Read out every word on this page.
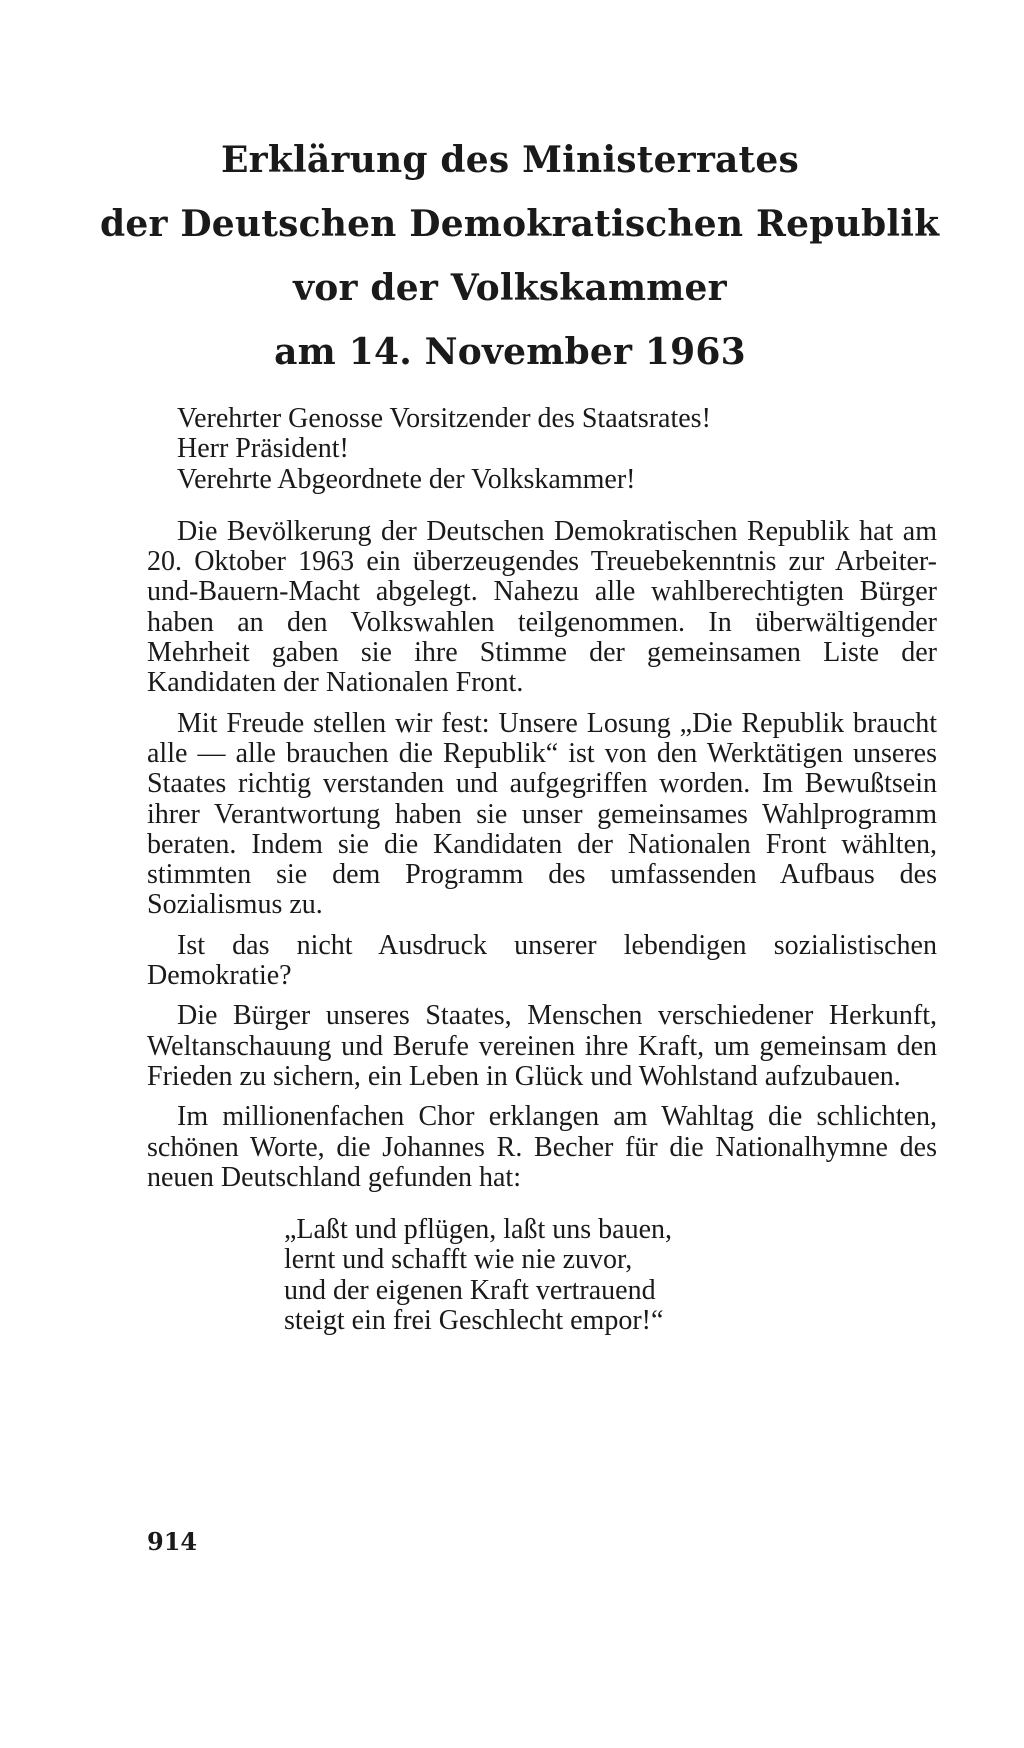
Erklärung des Ministerrates
der Deutschen Demokratischen Republik
vor der Volkskammer
am 14. November 1963
Verehrter Genosse Vorsitzender des Staatsrates!
Herr Präsident!
Verehrte Abgeordnete der Volkskammer!

Die Bevölkerung der Deutschen Demokratischen Republik hat am 20. Oktober 1963 ein überzeugendes Treuebekenntnis zur Arbeiter-und-Bauern-Macht abgelegt. Nahezu alle wahlberechtigten Bürger haben an den Volkswahlen teilgenommen. In überwältigender Mehrheit gaben sie ihre Stimme der gemeinsamen Liste der Kandidaten der Nationalen Front.

Mit Freude stellen wir fest: Unsere Losung „Die Republik braucht alle — alle brauchen die Republik“ ist von den Werktätigen unseres Staates richtig verstanden und aufgegriffen worden. Im Bewußtsein ihrer Verantwortung haben sie unser gemeinsames Wahlprogramm beraten. Indem sie die Kandidaten der Nationalen Front wählten, stimmten sie dem Programm des umfassenden Aufbaus des Sozialismus zu.

Ist das nicht Ausdruck unserer lebendigen sozialistischen Demokratie?

Die Bürger unseres Staates, Menschen verschiedener Herkunft, Weltanschauung und Berufe vereinen ihre Kraft, um gemeinsam den Frieden zu sichern, ein Leben in Glück und Wohlstand aufzubauen.

Im millionenfachen Chor erklangen am Wahltag die schlichten, schönen Worte, die Johannes R. Becher für die Nationalhymne des neuen Deutschland gefunden hat:

„Laßt und pflügen, laßt uns bauen,
lernt und schafft wie nie zuvor,
und der eigenen Kraft vertrauend
steigt ein frei Geschlecht empor!“
914
